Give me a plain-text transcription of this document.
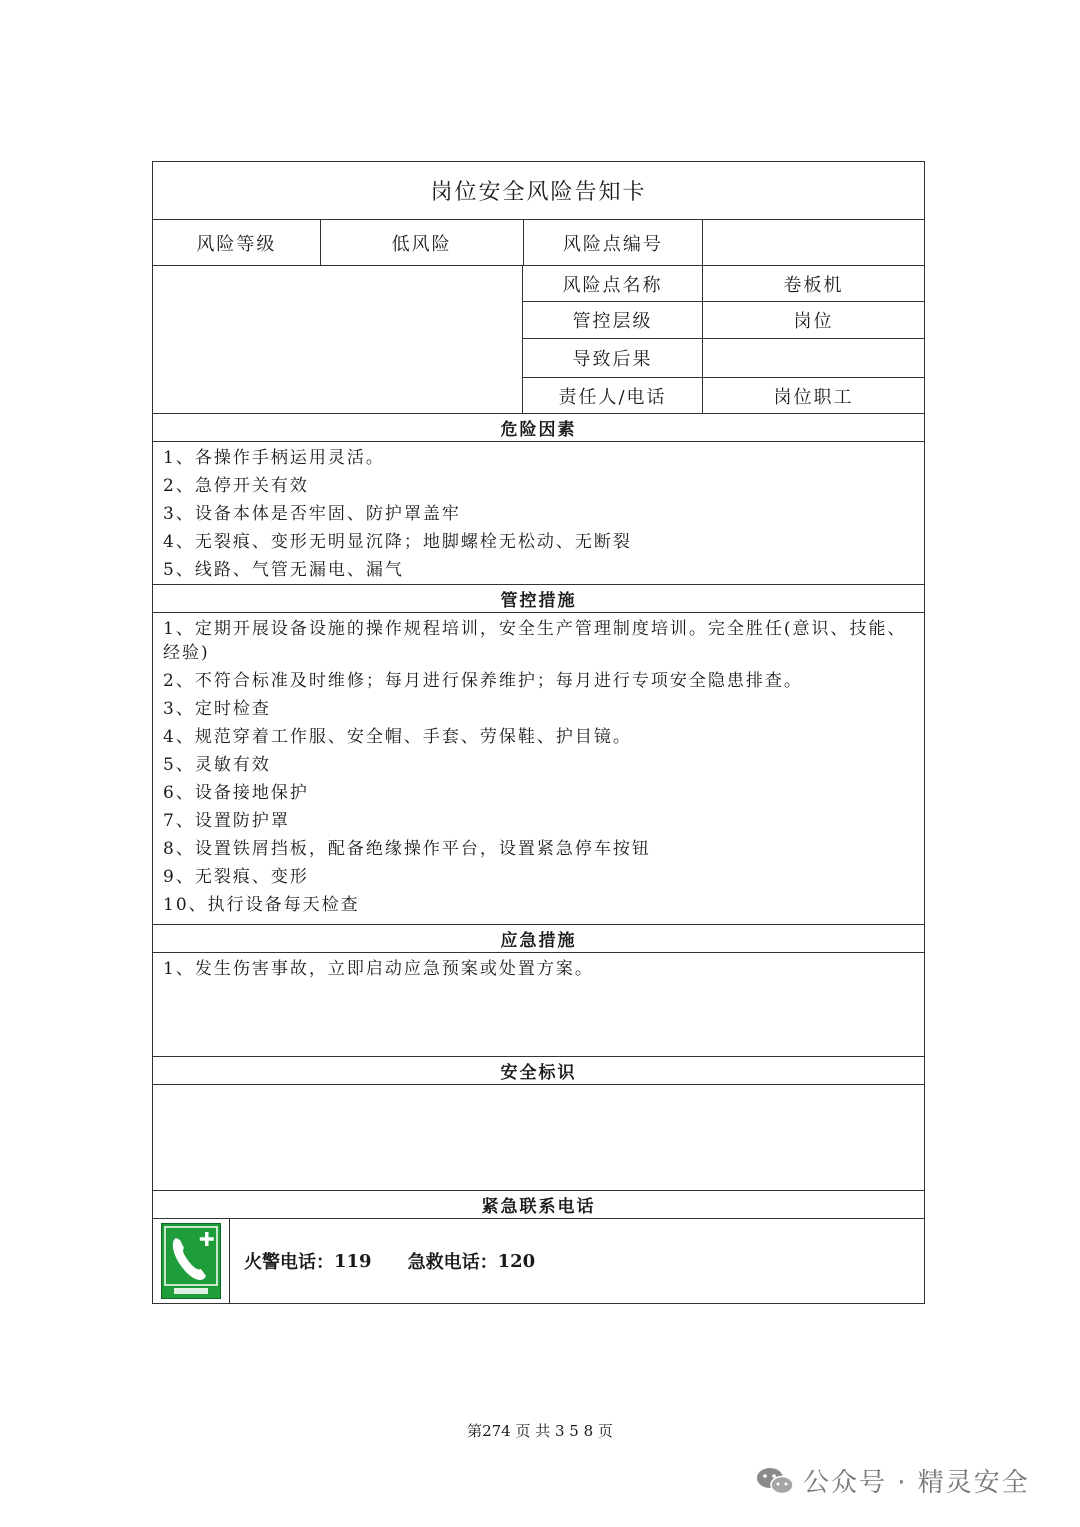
岗位安全风险告知卡
风险等级	低风险	风险点编号
风险点名称	卷板机
管控层级	岗位
导致后果
责任人/电话	岗位职工
危险因素
1、各操作手柄运用灵活。
2、急停开关有效
3、设备本体是否牢固、防护罩盖牢
4、无裂痕、变形无明显沉降；地脚螺栓无松动、无断裂
5、线路、气管无漏电、漏气
管控措施
1、定期开展设备设施的操作规程培训，安全生产管理制度培训。完全胜任(意识、技能、经验)
2、不符合标准及时维修；每月进行保养维护；每月进行专项安全隐患排查。
3、定时检查
4、规范穿着工作服、安全帽、手套、劳保鞋、护目镜。
5、灵敏有效
6、设备接地保护
7、设置防护罩
8、设置铁屑挡板，配备绝缘操作平台，设置紧急停车按钮
9、无裂痕、变形
10、执行设备每天检查
应急措施
1、发生伤害事故，立即启动应急预案或处置方案。
安全标识
紧急联系电话
火警电话： 119 急救电话： 120
第274 页 共 3 5 8 页
公众号 · 精灵安全
